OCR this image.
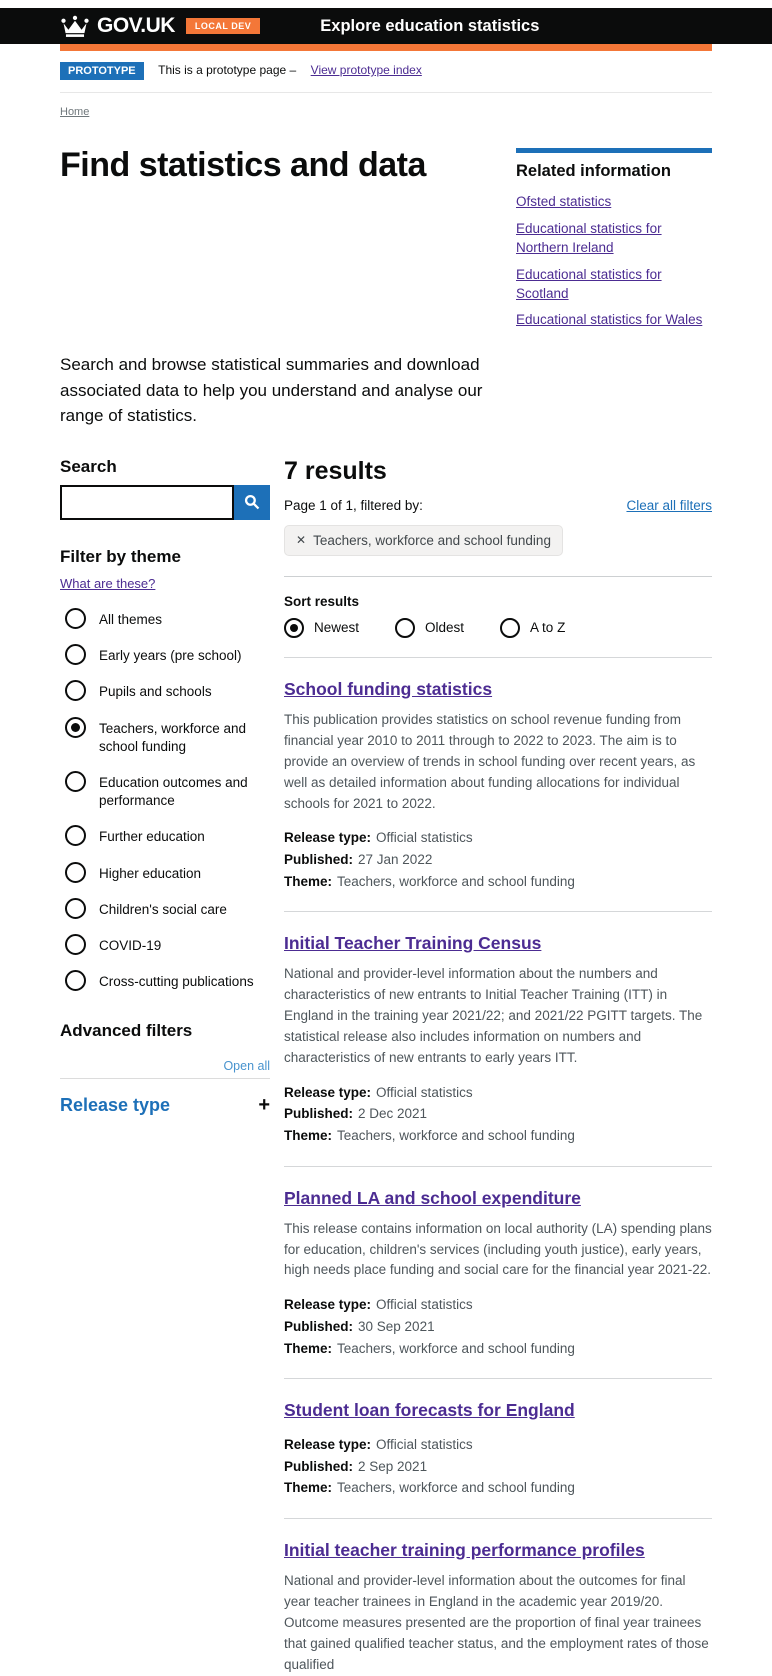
GOV.UK	LOCAL DEV	Explore education statistics
PROTOTYPE This is a prototype page – View prototype index
Home
Find statistics and data	Related information
Ofsted statistics
Educational statistics for Northern Ireland
Educational statistics for Scotland
Educational statistics for Wales

Search and browse statistical summaries and download associated data to help you understand and analyse our range of statistics.

Search
Filter by theme
What are these?
All themes
Early years (pre school)
Pupils and schools
Teachers, workforce and school funding
Education outcomes and performance
Further education
Higher education
Children's social care
COVID-19
Cross-cutting publications
Advanced filters
Open all
Release type	+
7 results
Page 1 of 1, filtered by:	Clear all filters
✕ Teachers, workforce and school funding
Sort results
Newest	Oldest	A to Z
School funding statistics

This publication provides statistics on school revenue funding from financial year 2010 to 2011 through to 2022 to 2023. The aim is to provide an overview of trends in school funding over recent years, as well as detailed information about funding allocations for individual schools for 2021 to 2022.

Release type: Official statistics
Published: 27 Jan 2022
Theme: Teachers, workforce and school funding
Initial Teacher Training Census

National and provider-level information about the numbers and characteristics of new entrants to Initial Teacher Training (ITT) in England in the training year 2021/22; and 2021/22 PGITT targets. The statistical release also includes information on numbers and characteristics of new entrants to early years ITT.

Release type: Official statistics
Published: 2 Dec 2021
Theme: Teachers, workforce and school funding
Planned LA and school expenditure

This release contains information on local authority (LA) spending plans for education, children's services (including youth justice), early years, high needs place funding and social care for the financial year 2021-22.

Release type: Official statistics
Published: 30 Sep 2021
Theme: Teachers, workforce and school funding
Student loan forecasts for England

Release type: Official statistics
Published: 2 Sep 2021
Theme: Teachers, workforce and school funding
Initial teacher training performance profiles

National and provider-level information about the outcomes for final year teacher trainees in England in the academic year 2019/20. Outcome measures presented are the proportion of final year trainees that gained qualified teacher status, and the employment rates of those qualified
